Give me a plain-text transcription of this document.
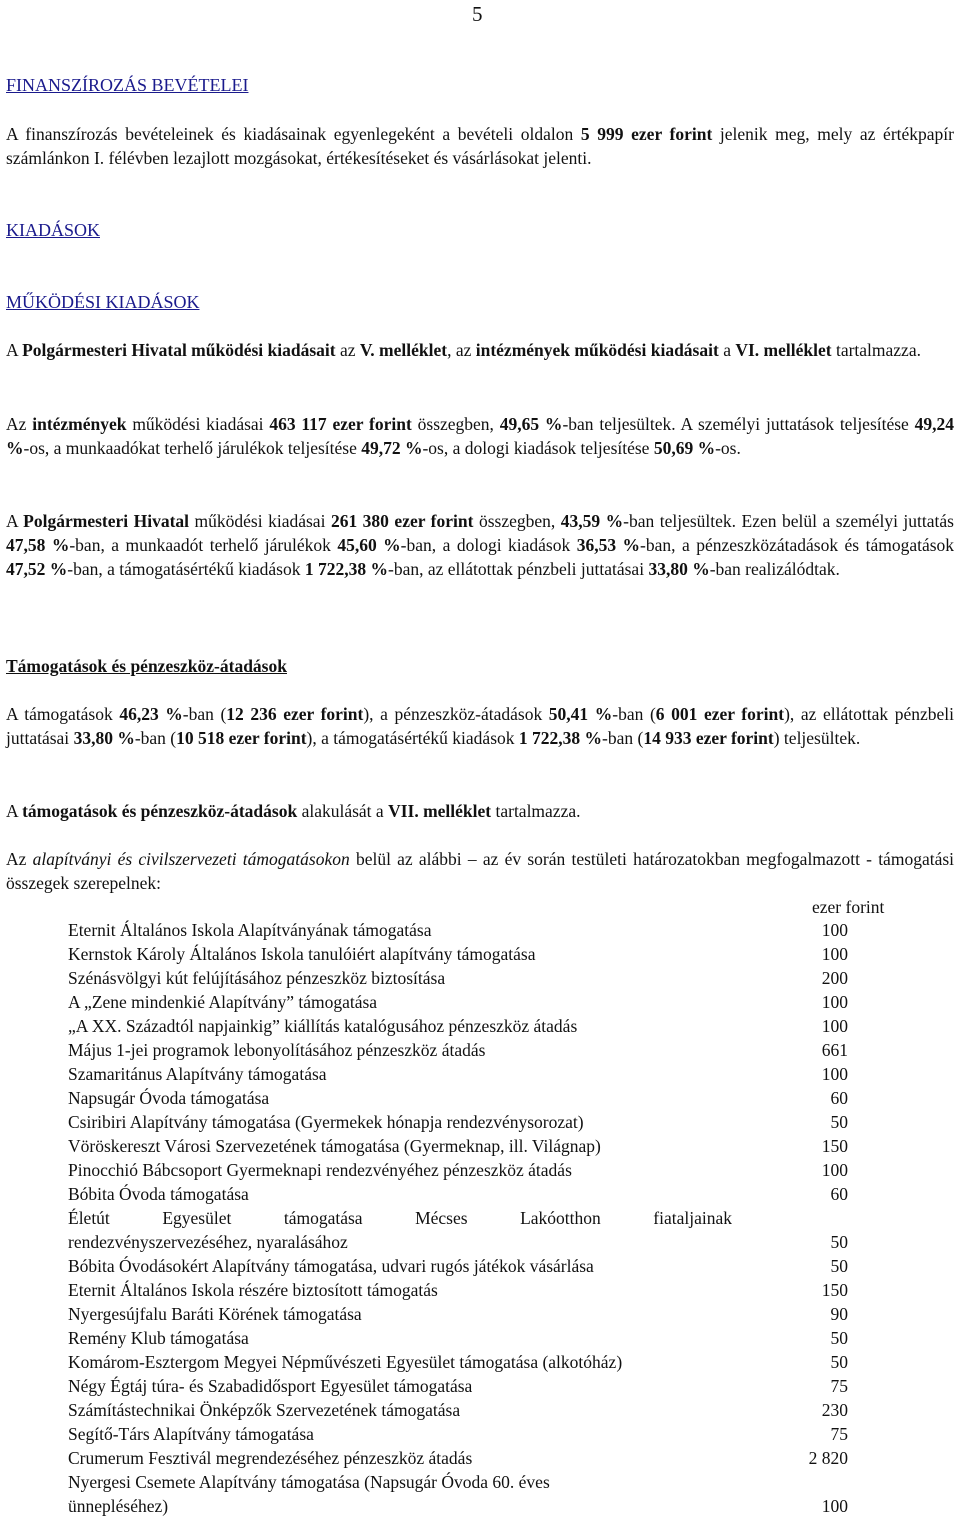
5
FINANSZÍROZÁS BEVÉTELEI
A finanszírozás bevételeinek és kiadásainak egyenlegeként a bevételi oldalon 5 999 ezer forint jelenik meg, mely az értékpapír számlánkon I. félévben lezajlott mozgásokat, értékesítéseket és vásárlásokat jelenti.
KIADÁSOK
MŰKÖDÉSI KIADÁSOK
A Polgármesteri Hivatal működési kiadásait az V. melléklet, az intézmények működési kiadásait a VI. melléklet tartalmazza.
Az intézmények működési kiadásai 463 117 ezer forint összegben, 49,65 %-ban teljesültek. A személyi juttatások teljesítése 49,24 %-os, a munkaadókat terhelő járulékok teljesítése 49,72 %-os, a dologi kiadások teljesítése 50,69 %-os.
A Polgármesteri Hivatal működési kiadásai 261 380 ezer forint összegben, 43,59 %-ban teljesültek. Ezen belül a személyi juttatás 47,58 %-ban, a munkaadót terhelő járulékok 45,60 %-ban, a dologi kiadások 36,53 %-ban, a pénzeszközátadások és támogatások 47,52 %-ban, a támogatásértékű kiadások 1 722,38 %-ban, az ellátottak pénzbeli juttatásai 33,80 %-ban realizálódtak.
Támogatások és pénzeszköz-átadások
A támogatások 46,23 %-ban (12 236 ezer forint), a pénzeszköz-átadások 50,41 %-ban (6 001 ezer forint), az ellátottak pénzbeli juttatásai 33,80 %-ban (10 518 ezer forint), a támogatásértékű kiadások 1 722,38 %-ban (14 933 ezer forint) teljesültek.
A támogatások és pénzeszköz-átadások alakulását a VII. melléklet tartalmazza.
Az alapítványi és civilszervezeti támogatásokon belül az alábbi – az év során testületi határozatokban megfogalmazott - támogatási összegek szerepelnek:
ezer forint
Eternit Általános Iskola Alapítványának támogatása	100
Kernstok Károly Általános Iskola tanulóiért alapítvány támogatása	100
Szénásvölgyi kút felújításához pénzeszköz biztosítása	200
A „Zene mindenkié Alapítvány” támogatása	100
„A XX. Századtól napjainkig” kiállítás katalógusához pénzeszköz átadás	100
Május 1-jei programok lebonyolításához pénzeszköz átadás	661
Szamaritánus Alapítvány támogatása	100
Napsugár Óvoda támogatása	60
Csiribiri Alapítvány támogatása (Gyermekek hónapja rendezvénysorozat)	50
Vöröskereszt Városi Szervezetének támogatása (Gyermeknap, ill. Világnap)	150
Pinocchió Bábcsoport Gyermeknapi rendezvényéhez pénzeszköz átadás	100
Bóbita Óvoda támogatása	60
Életút Egyesület támogatása Mécses Lakóotthon fiataljainak
rendezvényszervezéséhez, nyaralásához	50
Bóbita Óvodásokért Alapítvány támogatása, udvari rugós játékok vásárlása	50
Eternit Általános Iskola részére biztosított támogatás	150
Nyergesújfalu Baráti Körének támogatása	90
Remény Klub támogatása	50
Komárom-Esztergom Megyei Népművészeti Egyesület támogatása (alkotóház)	50
Négy Égtáj túra- és Szabadidősport Egyesület támogatása	75
Számítástechnikai Önképzők Szervezetének támogatása	230
Segítő-Társ Alapítvány támogatása	75
Crumerum Fesztivál megrendezéséhez pénzeszköz átadás	2 820
Nyergesi Csemete Alapítvány támogatása (Napsugár Óvoda 60. éves
ünnepléséhez)	100
